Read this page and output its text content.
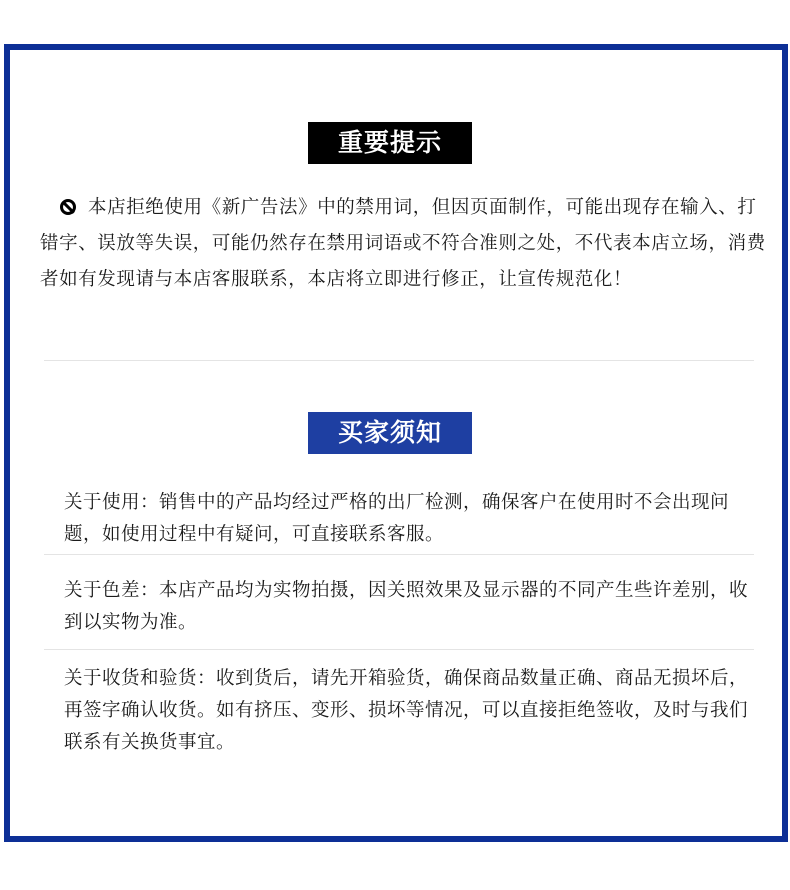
重要提示
本店拒绝使用《新广告法》中的禁用词，但因页面制作，可能出现存在输入、打错字、误放等失误，可能仍然存在禁用词语或不符合准则之处，不代表本店立场，消费者如有发现请与本店客服联系，本店将立即进行修正，让宣传规范化！
买家须知
关于使用：销售中的产品均经过严格的出厂检测，确保客户在使用时不会出现问题，如使用过程中有疑问，可直接联系客服。
关于色差：本店产品均为实物拍摄，因关照效果及显示器的不同产生些许差别，收到以实物为准。
关于收货和验货：收到货后，请先开箱验货，确保商品数量正确、商品无损坏后，再签字确认收货。如有挤压、变形、损坏等情况，可以直接拒绝签收，及时与我们联系有关换货事宜。
